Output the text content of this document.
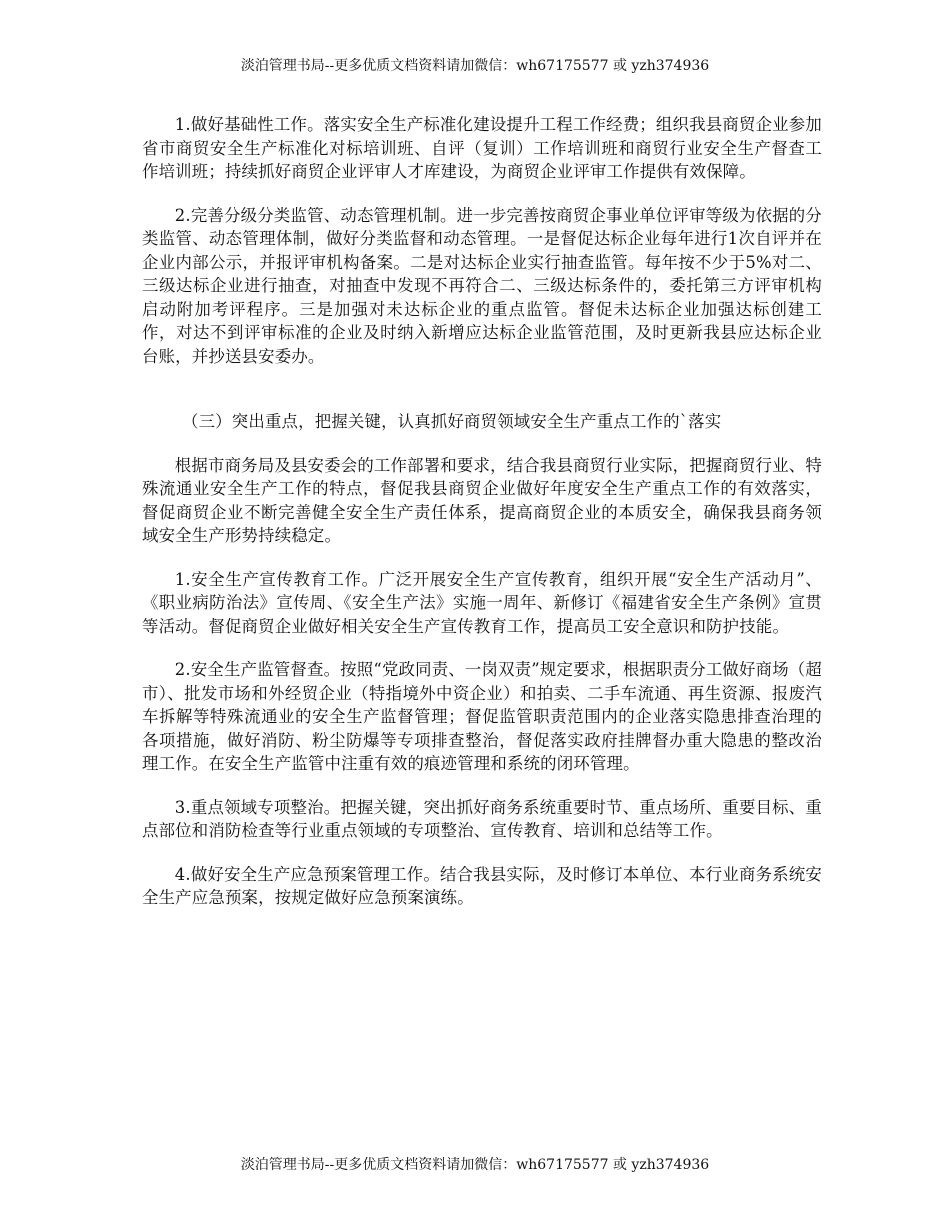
淡泊管理书局--更多优质文档资料请加微信：wh67175577 或 yzh374936

1.做好基础性工作。落实安全生产标准化建设提升工程工作经费；组织我县商贸企业参加省市商贸安全生产标准化对标培训班、自评（复训）工作培训班和商贸行业安全生产督查工作培训班；持续抓好商贸企业评审人才库建设，为商贸企业评审工作提供有效保障。

2.完善分级分类监管、动态管理机制。进一步完善按商贸企事业单位评审等级为依据的分类监管、动态管理体制，做好分类监督和动态管理。一是督促达标企业每年进行1次自评并在企业内部公示，并报评审机构备案。二是对达标企业实行抽查监管。每年按不少于5%对二、三级达标企业进行抽查，对抽查中发现不再符合二、三级达标条件的，委托第三方评审机构启动附加考评程序。三是加强对未达标企业的重点监管。督促未达标企业加强达标创建工作，对达不到评审标准的企业及时纳入新增应达标企业监管范围，及时更新我县应达标企业台账，并抄送县安委办。

（三）突出重点，把握关键，认真抓好商贸领域安全生产重点工作的`落实

根据市商务局及县安委会的工作部署和要求，结合我县商贸行业实际，把握商贸行业、特殊流通业安全生产工作的特点，督促我县商贸企业做好年度安全生产重点工作的有效落实，督促商贸企业不断完善健全安全生产责任体系，提高商贸企业的本质安全，确保我县商务领域安全生产形势持续稳定。

1.安全生产宣传教育工作。广泛开展安全生产宣传教育，组织开展“安全生产活动月”、《职业病防治法》宣传周、《安全生产法》实施一周年、新修订《福建省安全生产条例》宣贯等活动。督促商贸企业做好相关安全生产宣传教育工作，提高员工安全意识和防护技能。

2.安全生产监管督查。按照“党政同责、一岗双责”规定要求，根据职责分工做好商场（超市）、批发市场和外经贸企业（特指境外中资企业）和拍卖、二手车流通、再生资源、报废汽车拆解等特殊流通业的安全生产监督管理；督促监管职责范围内的企业落实隐患排查治理的各项措施，做好消防、粉尘防爆等专项排查整治，督促落实政府挂牌督办重大隐患的整改治理工作。在安全生产监管中注重有效的痕迹管理和系统的闭环管理。

3.重点领域专项整治。把握关键，突出抓好商务系统重要时节、重点场所、重要目标、重点部位和消防检查等行业重点领域的专项整治、宣传教育、培训和总结等工作。

4.做好安全生产应急预案管理工作。结合我县实际，及时修订本单位、本行业商务系统安全生产应急预案，按规定做好应急预案演练。

淡泊管理书局--更多优质文档资料请加微信：wh67175577 或 yzh374936
